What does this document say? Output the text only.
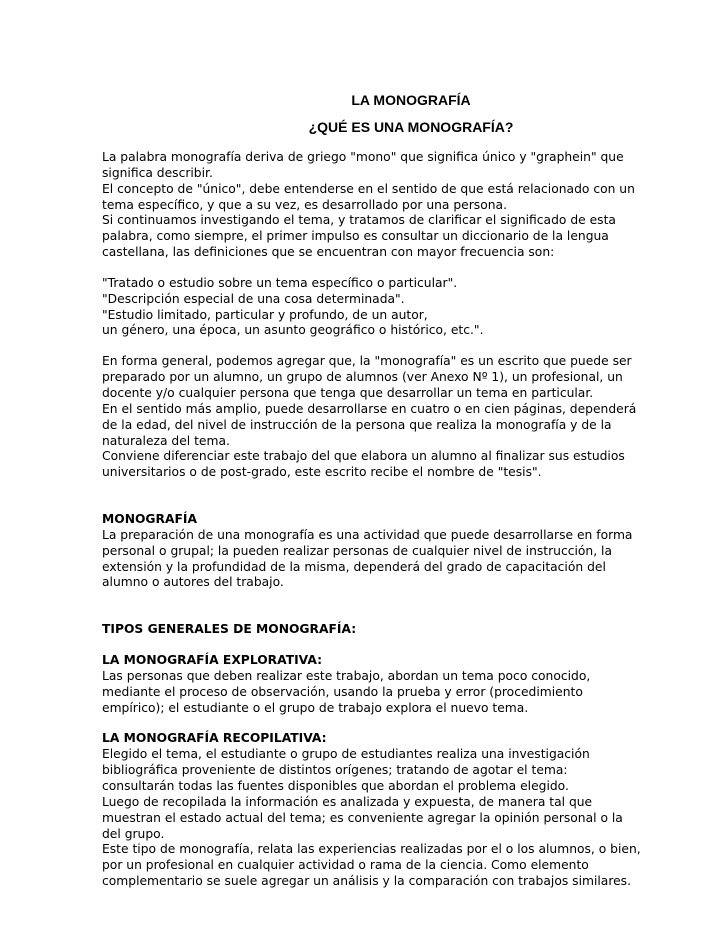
LA MONOGRAFÍA
¿QUÉ ES UNA MONOGRAFÍA?

La palabra monografía deriva de griego "mono" que significa único y "graphein" que significa describir.

El concepto de "único", debe entenderse en el sentido de que está relacionado con un tema específico, y que a su vez, es desarrollado por una persona.

Si continuamos investigando el tema, y tratamos de clarificar el significado de esta palabra, como siempre, el primer impulso es consultar un diccionario de la lengua castellana, las definiciones que se encuentran con mayor frecuencia son:

"Tratado o estudio sobre un tema específico o particular".

"Descripción especial de una cosa determinada".

"Estudio limitado, particular y profundo, de un autor,

un género, una época, un asunto geográfico o histórico, etc.".

En forma general, podemos agregar que, la "monografía" es un escrito que puede ser preparado por un alumno, un grupo de alumnos (ver Anexo Nº 1), un profesional, un docente y/o cualquier persona que tenga que desarrollar un tema en particular.

En el sentido más amplio, puede desarrollarse en cuatro o en cien páginas, dependerá de la edad, del nivel de instrucción de la persona que realiza la monografía y de la naturaleza del tema.

Conviene diferenciar este trabajo del que elabora un alumno al finalizar sus estudios universitarios o de post-grado, este escrito recibe el nombre de "tesis".

MONOGRAFÍA

La preparación de una monografía es una actividad que puede desarrollarse en forma personal o grupal; la pueden realizar personas de cualquier nivel de instrucción, la extensión y la profundidad de la misma, dependerá del grado de capacitación del alumno o autores del trabajo.

TIPOS GENERALES DE MONOGRAFÍA:

LA MONOGRAFÍA EXPLORATIVA:

Las personas que deben realizar este trabajo, abordan un tema poco conocido, mediante el proceso de observación, usando la prueba y error (procedimiento empírico); el estudiante o el grupo de trabajo explora el nuevo tema.

LA MONOGRAFÍA RECOPILATIVA:

Elegido el tema, el estudiante o grupo de estudiantes realiza una investigación bibliográfica proveniente de distintos orígenes; tratando de agotar el tema: consultarán todas las fuentes disponibles que abordan el problema elegido.

Luego de recopilada la información es analizada y expuesta, de manera tal que muestran el estado actual del tema; es conveniente agregar la opinión personal o la del grupo.

Este tipo de monografía, relata las experiencias realizadas por el o los alumnos, o bien, por un profesional en cualquier actividad o rama de la ciencia. Como elemento complementario se suele agregar un análisis y la comparación con trabajos similares.
